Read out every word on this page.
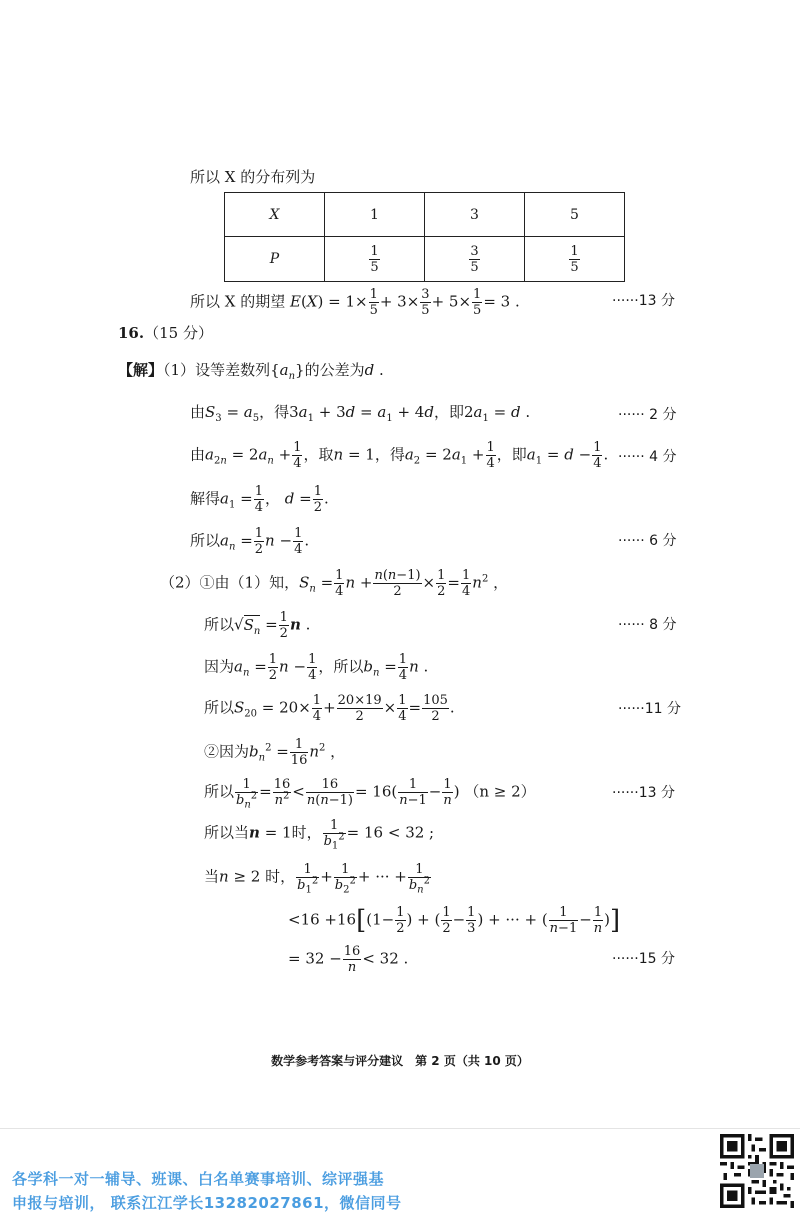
所以 X 的分布列为
X	1	3	5
P	$\frac{1}{5}$	$\frac{3}{5}$	$\frac{1}{5}$
所以 X 的期望 $E(X) = 1\times \frac{1}{5} + 3\times \frac{3}{5} + 5\times \frac{1}{5} = 3$ .	······13 分
16.（15 分）
【解】（1）设等差数列$\{a_n\}$的公差为d .
由$S_3 = a_5$，得$3a_1 + 3d = a_1 + 4d$，即$2a_1 = d$ .	······ 2 分
由$a_{2n} = 2a_n + \frac{1}{4}$ ，取n = 1，得$a_2 = 2a_1 + \frac{1}{4}$ ，即$a_1 = d - \frac{1}{4}$ . ······ 4 分
解得$a_1 = \frac{1}{4}$ ， $d = \frac{1}{2}$ .
所以$a_n = \frac{1}{2}$ $n - \frac{1}{4}$ .	······ 6 分
（2）①由（1）知，$S_n = \frac{1}{4}$ $n + \frac{n(n-1)}{2} \times \frac{1}{2} = \frac{1}{4} n^2$ ，
所以$√S_n = \frac{1}{2}$ n .	······ 8 分
因为$a_n = \frac{1}{2}$ $n - \frac{1}{4}$ ，所以$b_n = \frac{1}{4}$ n .
所以$S_{20} = 20\times \frac{1}{4} + \frac{20\times 19}{2} \times \frac{1}{4} = \frac{105}{2}$ .	······11 分
②因为$b_n^2 = \frac{1}{16} n^2$ ，
所以 $\frac{1}{b_n^2} = \frac{16}{n^2} < \frac{16}{n(n-1)} = 16( \frac{1}{n-1} - \frac{1}{n}$ ) （n ≥ 2）	······13 分
所以当n = 1时， $\frac{1}{b_1^2} = 16 < 32$ ;
当n ≥ 2 时， $\frac{1}{b_1^2} + \frac{1}{b_2^2}$ + ··· + $\frac{1}{b_n^2}$
$<16 +16[(1- \frac{1}{2}$ ) + ( $\frac{1}{2} - \frac{1}{3}$ ) + ··· + ( $\frac{1}{n-1} - \frac{1}{n}$ )]
= $32 - \frac{16}{n} < 32$ .	······15 分
数学参考答案与评分建议　第 2 页（共 10 页）
各学科一对一辅导、班课、白名单赛事培训、综评强基
申报与培训， 联系江江学长13282027861，微信同号
